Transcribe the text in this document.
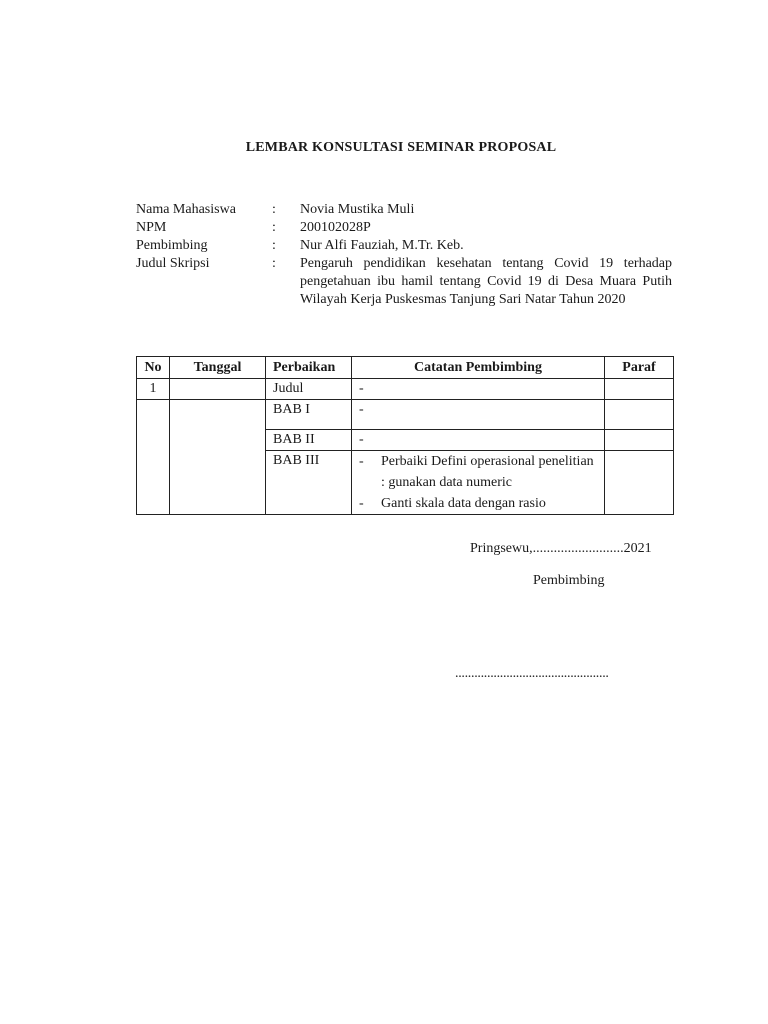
LEMBAR KONSULTASI SEMINAR PROPOSAL
Nama Mahasiswa	:	Novia Mustika Muli
NPM	:	200102028P
Pembimbing	:	Nur Alfi Fauziah, M.Tr. Keb.
Judul Skripsi	:	Pengaruh pendidikan kesehatan tentang Covid 19 terhadap pengetahuan ibu hamil tentang Covid 19 di Desa Muara Putih Wilayah Kerja Puskesmas Tanjung Sari Natar Tahun 2020
No	Tanggal	Perbaikan	Catatan Pembimbing	Paraf
1		Judul	-	
		BAB I	-	
		BAB II	-	
		BAB III	- Perbaiki Defini operasional penelitian : gunakan data numeric
- Ganti skala data dengan rasio	

Pringsewu,..........................2021
Pembimbing
................................................
